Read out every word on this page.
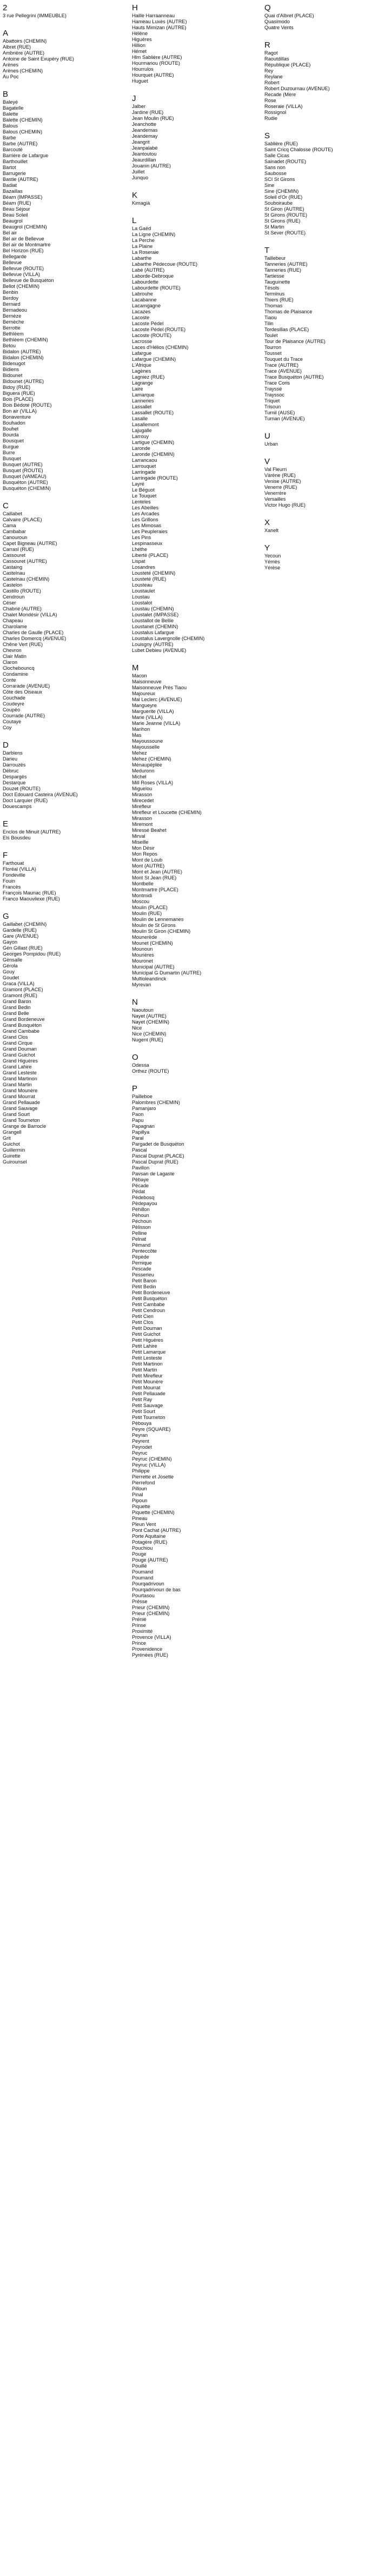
2
3 rue Pellegrini (IMMEUBLE)
A
Abattoirs (CHEMIN)
Albret (RUE)
Ambrière (AUTRE)
Antoine de Saint Exupéry (RUE)
Arènes
Arènes (CHEMIN)
Au Poc
B
Baleyé
Bagatelle
Balette
Balette (CHEMIN)
Balous
Balous (CHEMIN)
Barbe
Barbe (AUTRE)
Barcouté
Barrière de Lafargue
Barthouillet
Bartot
Barrugerie
Bastie (AUTRE)
Badiat
Bazaillas
Béarn (IMPASSE)
Béarn (RUE)
Beau Séjour
Beau Soleil
Beaugrol
Beaugrol (CHEMIN)
Bel air
Bel air de Bellevue
Bel air de Montmartre
Bel Horizon (RUE)
Bellegarde
Bellevue
Bellevue (ROUTE)
Bellevue (VILLA)
Bellevue de Busquéton
Bellot (CHEMIN)
Benbin
Berdoy
Bernard
Bernadeou
Bernèze
Bernèche
Berrotte
Bethléem
Bethléem (CHEMIN)
Betou
Bidalon (AUTRE)
Bidalon (CHEMIN)
Bidenugot
Bidiens
Bidounet
Bidounet (AUTRE)
Bidoy (RUE)
Biguera (RUE)
Bois (PLACE)
Bois Bédoté (ROUTE)
Bon air (VILLA)
Bonaventure
Bouhadon
Bouhet
Bourda
Bousquet
Burgue
Burre
Busquet
Busquet (AUTRE)
Busquet (ROUTE)
Busquet (VAMEAU)
Busquéton (AUTRE)
Busquéton (CHEMIN)
C
Caillabet
Calvaire (PLACE)
Cama
Cambabar
Canouroun
Capet Bigneau (AUTRE)
Carrasl (RUE)
Cassouret
Cassouret (AUTRE)
Castaing
Castelnau
Castelnau (CHEMIN)
Castelon
Castillo (ROUTE)
Cendroun
Céser
Chabrié (AUTRE)
Chalet Mondésir (VILLA)
Chapeau
Charolame
Charles de Gaulle (PLACE)
Charles Domercq (AVENUE)
Chêne Vert (RUE)
Chevron
Clair Matin
Claron
Clochebouncq
Condamine
Conte
Corrarade (AVENUE)
Côte des Oiseaux
Couchade
Coudeyre
Coupéo
Courrade (AUTRE)
Coutaye
Coy
D
Darblens
Darieu
Darrouzès
Débruc
Despargès
Destarque
Douzet (ROUTE)
Doct Edouard Casteira (AVENUE)
Doct Larquier (RUE)
Douescamps
E
Enclos de Minuit (AUTRE)
Els Bousdeu
F
Farthouat
Floréal (VILLA)
Fondeville
Fouin
Francès
François Mauriac (RUE)
Franco Maouvilexe (RUE)
G
Gaillabet (CHEMIN)
Gardelle (RUE)
Gare (AVENUE)
Gayon
Gén Gillast (RUE)
Georges Pompidou (RUE)
Gènsalle
Gérola
Gouy
Goudet
Graca (VILLA)
Gramont (PLACE)
Gramont (RUE)
Grand Baron
Grand Bedin
Grand Belle
Grand Bordeneuve
Grand Busquéton
Grand Cambabe
Grand Clos
Grand Cirque
Grand Douman
Grand Guichot
Grand Higuères
Grand Lahire
Grand Lesteste
Grand Martinon
Grand Martin
Grand Mounère
Grand Mourrat
Grand Pellauade
Grand Sauvage
Grand Sourt
Grand Tourneton
Grange de Barrocle
Grangell
Grit
Guichot
Guillermin
Guirette
Guirounsel
H
Haille Harraanneau
Hameau Luxès (AUTRE)
Hauts Mimizan (AUTRE)
Hélène
Higuères
Hillion
Hémet
Hlm Sablière (AUTRE)
Hourmariou (ROUTE)
Hourrulos
Hourquet (AUTRE)
Huguet
J
Jalber
Jardine (RUE)
Jean Moulin (RUE)
Jeanchotte
Jeandemas
Jeandemay
Jeangrit
Jeanpalabé
Jeantoutou
Jeaurdillan
Jouanin (AUTRE)
Juillet
Junquo
K
Kimagià
L
La Gaëd
La Ligne (CHEMIN)
La Perche
La Plaine
La Roseraie
Labarthe
Labarthe Pédecoue (ROUTE)
Labé (AUTRE)
Laborde-Debroque
Labourdette
Labourdette (ROUTE)
Labrouhe
Lacabanne
Lacamgagne
Lacazes
Lacoste
Lacoste Pédel
Lacoste Pédel (ROUTE)
Lacoste (ROUTE)
Lacrosse
Laces d'Hélios (CHEMIN)
Lafargue
Lafargue (CHEMIN)
L'Afrique
Lagènes
Lagniez (RUE)
Lagrange
Laire
Lamarque
Lanneries
Lassallet
Lassallet (ROUTE)
Lasalle
Lasallemont
Lajugalle
Larrouy
Lartigue (CHEMIN)
Laronde
Laronde (CHEMIN)
Larrancaou
Larrouquet
Larringade
Larringade (ROUTE)
Layré
Le Béguot
Le Touquet
Lenteles
Les Abeilles
Les Arcades
Les Grillons
Les Mimosas
Les Peupleraies
Les Pins
Lespinasseux
Lhéthe
Liberté (PLACE)
Lispat
Losandres
Lousteté (CHEMIN)
Lousteté (RUE)
Lousteau
Loustaulet
Loustau
Loustalot
Loustau (CHEMIN)
Loustalet (IMPASSE)
Loustallot de Bellie
Loustanet (CHEMIN)
Loustalus Lafargue
Loustalus Lavergnolle (CHEMIN)
Louisgny (AUTRE)
Lubet Debieu (AVENUE)
M
Macon
Maisonneuve
Maisonneuve Près Tiaou
Majoureux
Mal Leclerc (AVENUE)
Mangueyre
Marguerite (VILLA)
Marie (VILLA)
Marie Jeanne (VILLA)
Marihon
Mas
Mayoussoune
Mayousselle
Mehez
Mehez (CHEMIN)
Ménaupéplée
Meduronn
Michel
Mill Roses (VILLA)
Miguelou
Mirasson
Mirecedet
Mirefleur
Mirefleur et Loucette (CHEMIN)
Mirasson
Miremont
Miressé Beahet
Mirval
Miseille
Mon Désir
Mon Repos
Mont de Loub
Mont (AUTRE)
Mont et Jean (AUTRE)
Mont St Jean (RUE)
Montbelle
Montmartre (PLACE)
Montmidi
Moscou
Moulin (PLACE)
Moulin (RUE)
Moulin de Lennemanes
Moulin de St Girons
Moulin St Giron (CHEMIN)
Mounerède
Mounet (CHEMIN)
Mounoun
Mourières
Mouronet
Municipal (AUTRE)
Municipal G Dumartin (AUTRE)
Multioleandinck
Myrevan
N
Naoutoun
Nayet (AUTRE)
Nayet (CHEMIN)
Nice
Nice (CHEMIN)
Nugent (RUE)
O
Odessa
Orthez (ROUTE)
P
Pailleboe
Palombres (CHEMIN)
Pamanjaro
Paon
Papu
Papagnan
Papillya
Paral
Pargadet de Busquéton
Pascal
Pascal Duprat (PLACE)
Pascal Duprat (RUE)
Pavillon
Pavsan de Lagaste
Pèbaye
Pécade
Pédat
Pédebosq
Pèdepayou
Péhillon
Pèhoun
Péchoun
Pèlisson
Pelline
Pelnat
Pémand
Penteccôte
Pépède
Pernique
Pescade
Pesserieu
Petit Baron
Petit Bedin
Petit Bordeneuve
Petit Busquéton
Petit Cambabe
Petit Cendroun
Petit Cien
Petit Clos
Petit Douman
Petit Guichot
Petit Higuères
Petit Lahire
Petit Lamarque
Petit Lesteste
Petit Martinon
Petit Martin
Petit Mirefleur
Petit Mounère
Petit Mourrat
Petit Pellauade
Petit Ray
Petit Sauvage
Petit Sourt
Petit Tourneton
Pèbouya
Peyre (SQUARE)
Peyran
Peyrent
Peyrodet
Peyruc
Peyruc (CHEMIN)
Peyruc (VILLA)
Philippe
Pierrette et Josette
Pierrefond
Pilloun
Pinal
Pipoun
Piquette
Piquette (CHEMIN)
Pineau
Pleun Vent
Pont Cachat (AUTRE)
Porte Aquitaine
Potagère (RUE)
Pouchiou
Pouge
Pouge (AUTRE)
Pouillé
Poumand
Poumand
Pourqadrivoun
Pourqadrivoun de bas
Pourtasou
Prêsse
Prieur (CHEMIN)
Prieur (CHEMIN)
Prénié
Prinse
Proximité
Provence (VILLA)
Prince
Provenidence
Pyrénées (RUE)
Q
Quai d'Albret (PLACE)
Quasimodo
Quatre Vents
R
Ragot
Raoutdillas
République (PLACE)
Rey
Reylane
Robert
Robert Duzournau (AVENUE)
Recade (Mère
Rose
Roseraie (VILLA)
Rossignol
Rudie
S
Sablière (RUE)
Saint Cricq Chalosse (ROUTE)
Salle Cicas
Sainadet (ROUTE)
Sans non
Saubosse
SCI St Girons
Sine
Sine (CHEMIN)
Soleil d'Or (RUE)
Souboiraube
St Giron (AUTRE)
St Girons (ROUTE)
St Girons (RUE)
St Martin
St Sever (ROUTE)
T
Taillebeur
Tanneries (AUTRE)
Tanneries (RUE)
Tartiesse
Tauguinette
Tèsols
Terminus
Thiers (RUE)
Thomas
Thomas de Plaisance
Tiaou
Tilin
Tordesillas (PLACE)
Toulet
Tour de Plaisance (AUTRE)
Tourron
Tousset
Touquet du Trace
Trace (AUTRE)
Trace (AVENUE)
Trace Busquéton (AUTRE)
Trace Coris
Trayssé
Trayssoc
Triquet
Trisoun
Turnil (AUSE)
Turnan (AVENUE)
U
Urban
V
Val Fleurri
Vàrène (RUE)
Venise (AUTRE)
Venerre (RUE)
Venerrère
Versailles
Victor Hugo (RUE)
X
Xanelt
Y
Yecoun
Yémès
Yérèse
